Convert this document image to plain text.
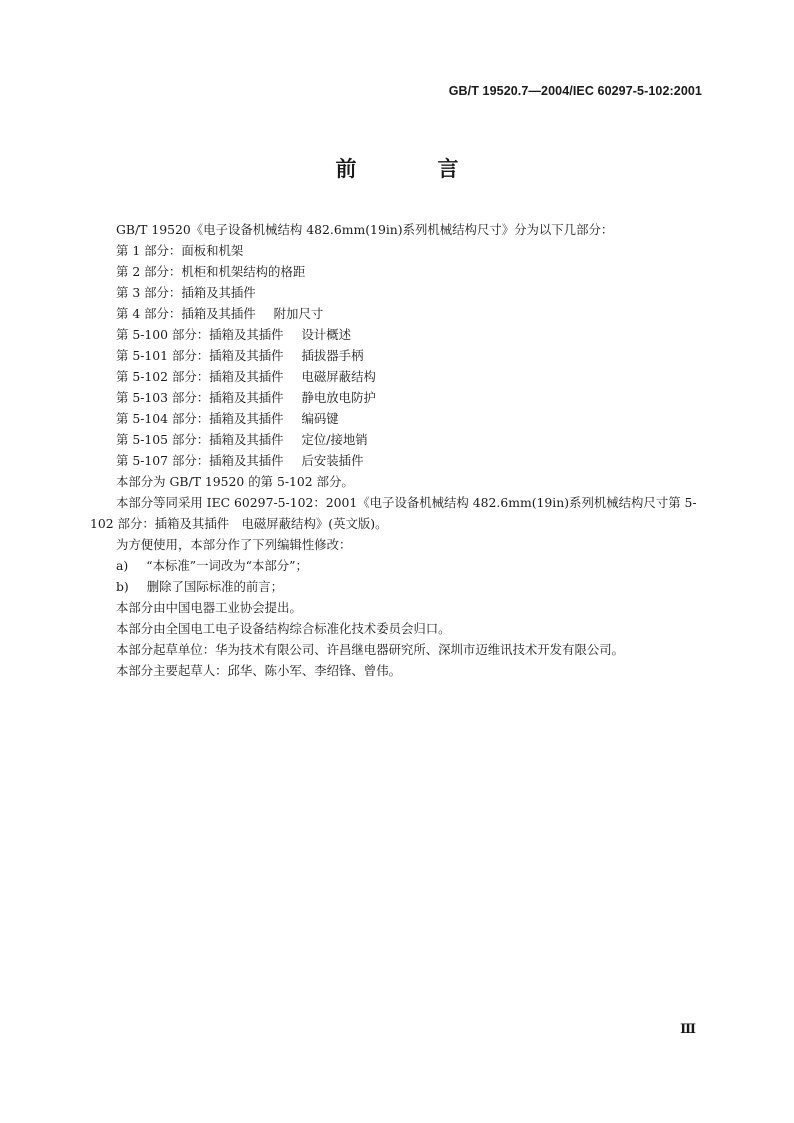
GB/T 19520.7—2004/IEC 60297-5-102:2001
前　言

GB/T 19520《电子设备机械结构 482.6mm(19in)系列机械结构尺寸》分为以下几部分：

第 1 部分：面板和机架

第 2 部分：机柜和机架结构的格距

第 3 部分：插箱及其插件

第 4 部分：插箱及其插件 附加尺寸

第 5-100 部分：插箱及其插件 设计概述

第 5-101 部分：插箱及其插件 插拔器手柄

第 5-102 部分：插箱及其插件 电磁屏蔽结构

第 5-103 部分：插箱及其插件 静电放电防护

第 5-104 部分：插箱及其插件 编码键

第 5-105 部分：插箱及其插件 定位/接地销

第 5-107 部分：插箱及其插件 后安装插件

本部分为 GB/T 19520 的第 5-102 部分。

本部分等同采用 IEC 60297-5-102：2001《电子设备机械结构 482.6mm(19in)系列机械结构尺寸第 5-102 部分：插箱及其插件　电磁屏蔽结构》(英文版)。

为方便使用，本部分作了下列编辑性修改：

a) “本标准”一词改为“本部分”；

b) 删除了国际标准的前言；

本部分由中国电器工业协会提出。

本部分由全国电工电子设备结构综合标准化技术委员会归口。

本部分起草单位：华为技术有限公司、许昌继电器研究所、深圳市迈维讯技术开发有限公司。

本部分主要起草人：邱华、陈小军、李绍锋、曾伟。

Ⅲ
